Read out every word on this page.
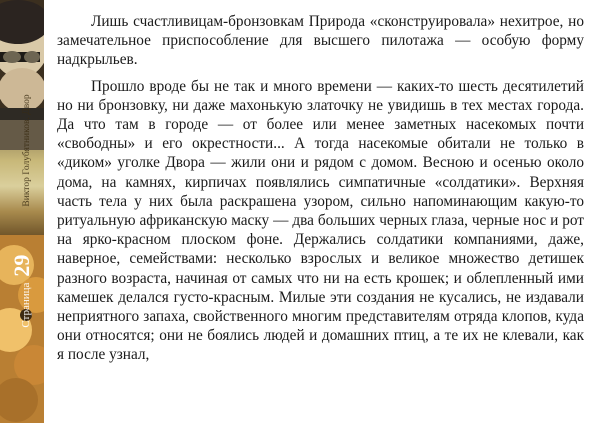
Страница
29
Виктор Голубятников. Двор

Лишь счастливицам-бронзовкам Природа «сконструировала» нехитрое, но замечательное приспособление для высшего пилотажа — особую форму надкрыльев.

Прошло вроде бы не так и много времени — каких-то шесть десятилетий но ни бронзовку, ни даже махонькую златочку не увидишь в тех местах города. Да что там в городе — от более или менее заметных насекомых почти «свободны» и его окрестности... А тогда насекомые обитали не только в «диком» уголке Двора — жили они и рядом с домом. Весною и осенью около дома, на камнях, кирпичах появлялись симпатичные «солдатики». Верхняя часть тела у них была раскрашена узором, сильно напоминающим какую-то ритуальную африканскую маску — два больших черных глаза, черные нос и рот на ярко-красном плоском фоне. Держались солдатики компаниями, даже, наверное, семействами: несколько взрослых и великое множество детишек разного возраста, начиная от самых что ни на есть крошек; и облепленный ими камешек делался густо-красным. Милые эти создания не кусались, не издавали неприятного запаха, свойственного многим представителям отряда клопов, куда они относятся; они не боялись людей и домашних птиц, а те их не клевали, как я после узнал,
